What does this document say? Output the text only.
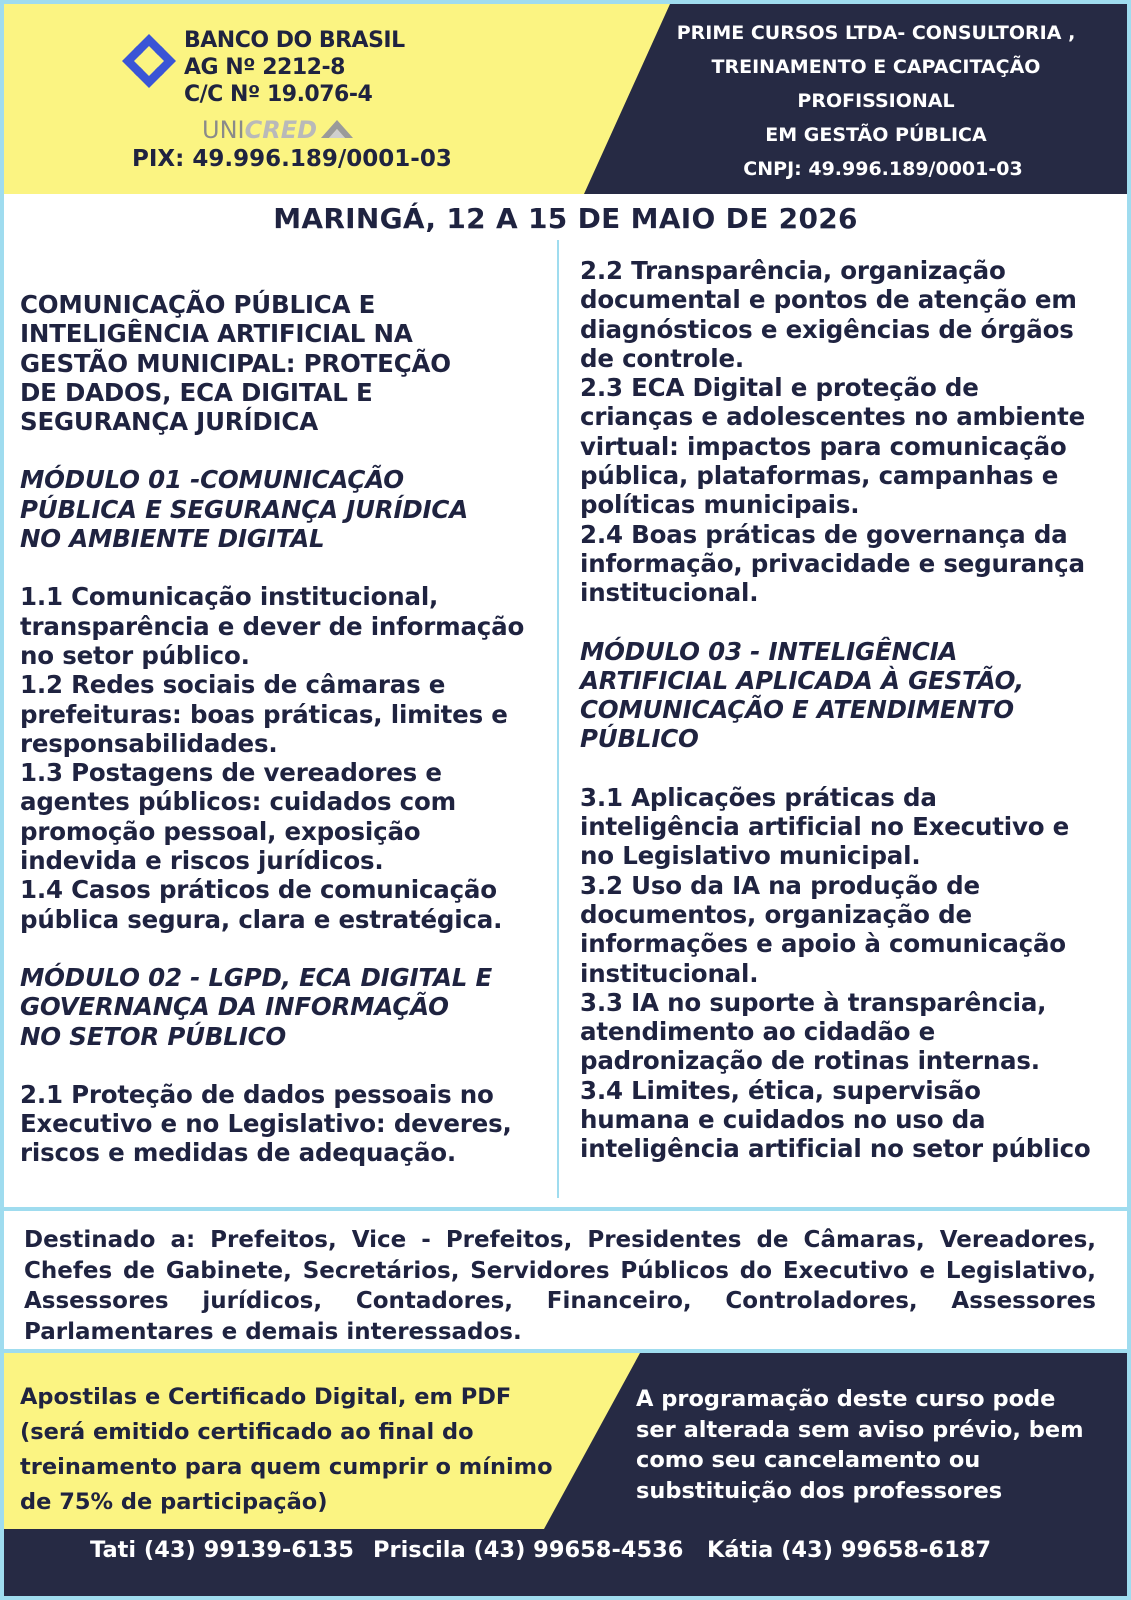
BANCO DO BRASIL
AG Nº 2212-8
C/C Nº 19.076-4
UNICRED
PIX: 49.996.189/0001-03
PRIME CURSOS LTDA- CONSULTORIA ,
TREINAMENTO E CAPACITAÇÃO
PROFISSIONAL
EM GESTÃO PÚBLICA
CNPJ: 49.996.189/0001-03
MARINGÁ, 12 A 15 DE MAIO DE 2026
COMUNICAÇÃO PÚBLICA E
INTELIGÊNCIA ARTIFICIAL NA
GESTÃO MUNICIPAL: PROTEÇÃO
DE DADOS, ECA DIGITAL E
SEGURANÇA JURÍDICA
MÓDULO 01 -COMUNICAÇÃO
PÚBLICA E SEGURANÇA JURÍDICA
NO AMBIENTE DIGITAL
1.1 Comunicação institucional,
transparência e dever de informação
no setor público.
1.2 Redes sociais de câmaras e
prefeituras: boas práticas, limites e
responsabilidades.
1.3 Postagens de vereadores e
agentes públicos: cuidados com
promoção pessoal, exposição
indevida e riscos jurídicos.
1.4 Casos práticos de comunicação
pública segura, clara e estratégica.
MÓDULO 02 - LGPD, ECA DIGITAL E
GOVERNANÇA DA INFORMAÇÃO
NO SETOR PÚBLICO
2.1 Proteção de dados pessoais no
Executivo e no Legislativo: deveres,
riscos e medidas de adequação.
2.2 Transparência, organização
documental e pontos de atenção em
diagnósticos e exigências de órgãos
de controle.
2.3 ECA Digital e proteção de
crianças e adolescentes no ambiente
virtual: impactos para comunicação
pública, plataformas, campanhas e
políticas municipais.
2.4 Boas práticas de governança da
informação, privacidade e segurança
institucional.
MÓDULO 03 - INTELIGÊNCIA
ARTIFICIAL APLICADA À GESTÃO,
COMUNICAÇÃO E ATENDIMENTO
PÚBLICO
3.1 Aplicações práticas da
inteligência artificial no Executivo e
no Legislativo municipal.
3.2 Uso da IA na produção de
documentos, organização de
informações e apoio à comunicação
institucional.
3.3 IA no suporte à transparência,
atendimento ao cidadão e
padronização de rotinas internas.
3.4 Limites, ética, supervisão
humana e cuidados no uso da
inteligência artificial no setor público
Destinado a: Prefeitos, Vice - Prefeitos, Presidentes de Câmaras, Vereadores, Chefes de Gabinete, Secretários, Servidores Públicos do Executivo e Legislativo, Assessores jurídicos, Contadores, Financeiro, Controladores, Assessores Parlamentares e demais interessados.
Apostilas e Certificado Digital, em PDF
(será emitido certificado ao final do
treinamento para quem cumprir o mínimo
de 75% de participação)
A programação deste curso pode
ser alterada sem aviso prévio, bem
como seu cancelamento ou
substituição dos professores
Tati (43) 99139-6135 Priscila (43) 99658-4536 Kátia (43) 99658-6187
